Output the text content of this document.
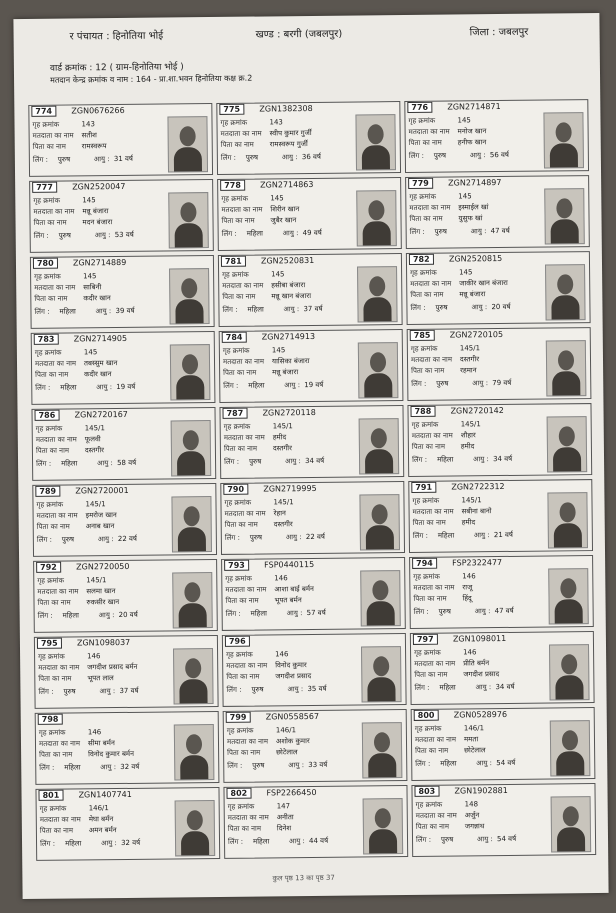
र पंचायत : हिनोतिया भोई	खण्ड : बरगी (जबलपुर)	जिला : जबलपुर
वार्ड क्रमांक : 12 ( ग्राम-हिनोतिया भोई )
मतदान केन्द्र क्रमांक व नाम : 164 - प्रा.शा.भवन हिनोतिया कक्ष क्र.2
774	ZGN0676266
गृह क्रमांक	143
मतदाता का नाम सतीश
पिता का नाम रामस्वरूप
लिंग : पुरुष	आयु : 31 वर्ष
775	ZGN1382308
गृह क्रमांक	143
मतदाता का नाम स्वीप कुमार गुर्जी
पिता का नाम रामस्वरूप गुर्जी
लिंग : पुरुष	आयु : 36 वर्ष
776	ZGN2714871
गृह क्रमांक	145
मतदाता का नाम मनोज खान
पिता का नाम हनीफ खान
लिंग : पुरुष	आयु : 56 वर्ष
777	ZGN2520047
गृह क्रमांक	145
मतदाता का नाम मन्नू बंजारा
पिता का नाम मदन बंजारा
लिंग : पुरुष	आयु : 53 वर्ष
778	ZGN2714863
गृह क्रमांक	145
मतदाता का नाम शिरीन खान
पिता का नाम जुबैर खान
लिंग : महिला	आयु : 49 वर्ष
779	ZGN2714897
गृह क्रमांक	145
मतदाता का नाम इस्माईल खां
पिता का नाम युसुफ खां
लिंग : पुरुष	आयु : 47 वर्ष
780	ZGN2714889
गृह क्रमांक	145
मतदाता का नाम साबिनी
पिता का नाम कदीर खान
लिंग : महिला	आयु : 39 वर्ष
781	ZGN2520831
गृह क्रमांक	145
मतदाता का नाम हसीबा बंजारा
पिता का नाम मन्नू खान बंजारा
लिंग : महिला	आयु : 37 वर्ष
782	ZGN2520815
गृह क्रमांक	145
मतदाता का नाम जाकीर खान बंजारा
पिता का नाम मन्नू बंजारा
लिंग : पुरुष	आयु : 20 वर्ष
783	ZGN2714905
गृह क्रमांक	145
मतदाता का नाम तबस्सुम खान
पिता का नाम कदीर खान
लिंग : महिला	आयु : 19 वर्ष
784	ZGN2714913
गृह क्रमांक	145
मतदाता का नाम यासिका बंजारा
पिता का नाम मन्नू बंजारा
लिंग : महिला	आयु : 19 वर्ष
785	ZGN2720105
गृह क्रमांक	145/1
मतदाता का नाम दस्तगीर
पिता का नाम रहमान
लिंग : पुरुष	आयु : 79 वर्ष
786	ZGN2720167
गृह क्रमांक	145/1
मतदाता का नाम फूलवी
पिता का नाम दस्तगीर
लिंग : महिला	आयु : 58 वर्ष
787	ZGN2720118
गृह क्रमांक	145/1
मतदाता का नाम हमीद
पिता का नाम दस्तगीर
लिंग : पुरुष	आयु : 34 वर्ष
788	ZGN2720142
गृह क्रमांक	145/1
मतदाता का नाम शौहार
पिता का नाम हमीद
लिंग : महिला	आयु : 34 वर्ष
789	ZGN2720001
गृह क्रमांक	145/1
मतदाता का नाम इमरोज खान
पिता का नाम अनाब खान
लिंग : पुरुष	आयु : 22 वर्ष
790	ZGN2719995
गृह क्रमांक	145/1
मतदाता का नाम रेहान
पिता का नाम दस्तगीर
लिंग : पुरुष	आयु : 22 वर्ष
791	ZGN2722312
गृह क्रमांक	145/1
मतदाता का नाम सबीना बानो
पिता का नाम हमीद
लिंग : महिला	आयु : 21 वर्ष
792	ZGN2720050
गृह क्रमांक	145/1
मतदाता का नाम सलमा खान
पिता का नाम रुकसीर खान
लिंग : महिला	आयु : 20 वर्ष
793	FSP0440115
गृह क्रमांक	146
मतदाता का नाम आशा बाई बर्मन
पिता का नाम भूपत बर्मन
लिंग : महिला	आयु : 57 वर्ष
794	FSP2322477
गृह क्रमांक	146
मतदाता का नाम राजू
पिता का नाम हिंदू
लिंग : पुरुष	आयु : 47 वर्ष
795	ZGN1098037
गृह क्रमांक	146
मतदाता का नाम जगदीश प्रसाद बर्मन
पिता का नाम भूपत लाल
लिंग : पुरुष	आयु : 37 वर्ष
796
गृह क्रमांक	146
मतदाता का नाम विनोद कुमार
पिता का नाम जगदीश प्रसाद
लिंग : पुरुष	आयु : 35 वर्ष
797	ZGN1098011
गृह क्रमांक	146
मतदाता का नाम प्रीति बर्मन
पिता का नाम जगदीश प्रसाद
लिंग : महिला	आयु : 34 वर्ष
798
गृह क्रमांक	146
मतदाता का नाम सीमा बर्मन
पिता का नाम विनोद कुमार बर्मन
लिंग : महिला	आयु : 32 वर्ष
799	ZGN0558567
गृह क्रमांक	146/1
मतदाता का नाम अशोक कुमार
पिता का नाम छोटेलाल
लिंग : पुरुष	आयु : 33 वर्ष
800	ZGN0528976
गृह क्रमांक	146/1
मतदाता का नाम ममता
पिता का नाम छोटेलाल
लिंग : महिला	आयु : 54 वर्ष
801	ZGN1407741
गृह क्रमांक	146/1
मतदाता का नाम मेघा बर्मन
पिता का नाम अमन बर्मन
लिंग : महिला	आयु : 32 वर्ष
802	FSP2266450
गृह क्रमांक	147
मतदाता का नाम अनीता
पिता का नाम दिनेश
लिंग : महिला	आयु : 44 वर्ष
803	ZGN1902881
गृह क्रमांक	148
मतदाता का नाम अर्जुन
पिता का नाम जगन्नाथ
लिंग : पुरुष	आयु : 54 वर्ष
कुल पृष्ठ 13 का पृष्ठ 37
